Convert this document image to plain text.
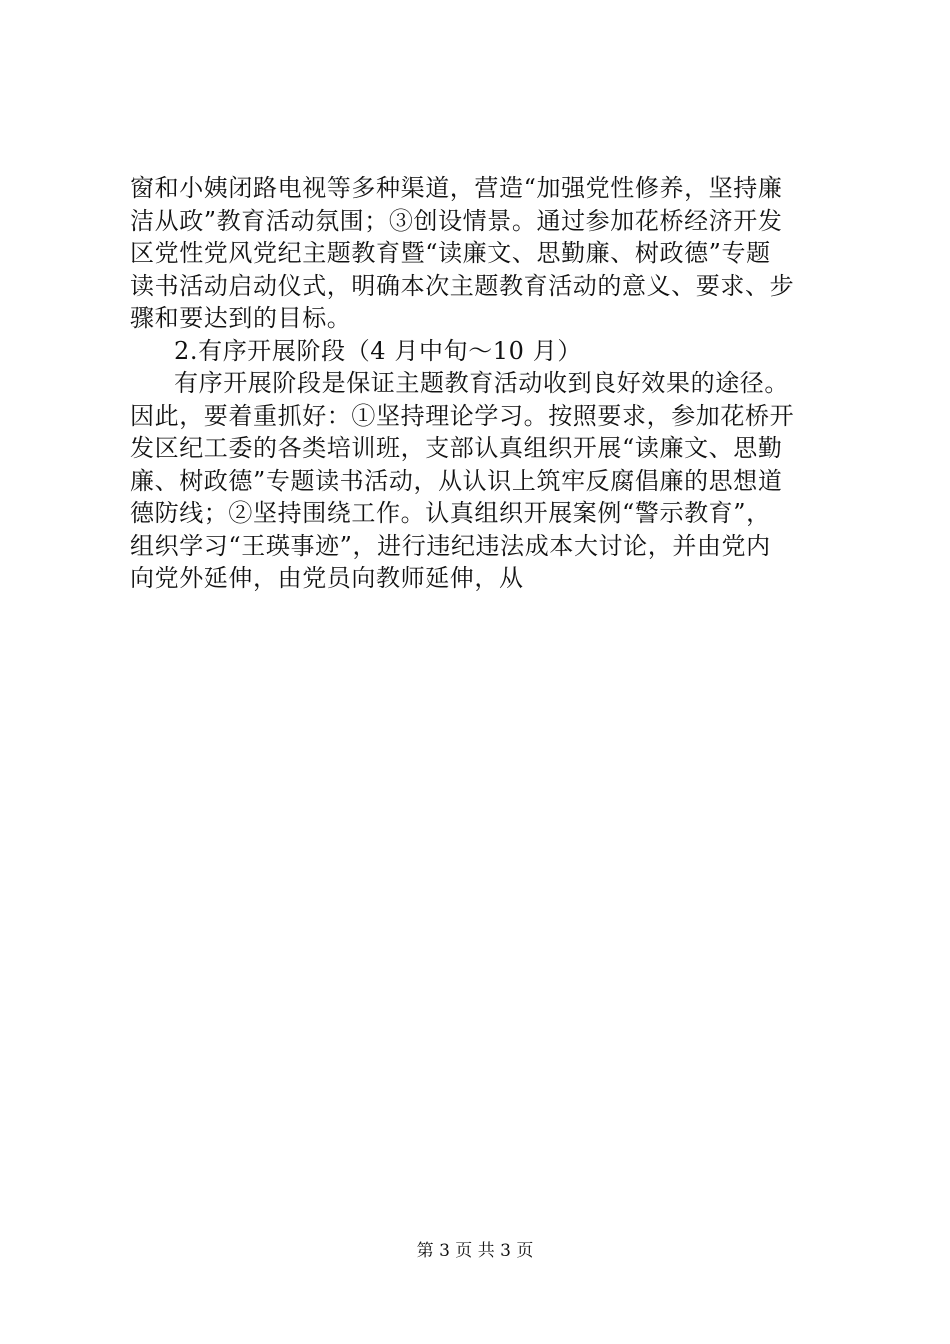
窗和小姨闭路电视等多种渠道，营造“加强党性修养，坚持廉
洁从政”教育活动氛围；③创设情景。通过参加花桥经济开发
区党性党风党纪主题教育暨“读廉文、思勤廉、树政德”专题
读书活动启动仪式，明确本次主题教育活动的意义、要求、步
骤和要达到的目标。
2.有序开展阶段（4 月中旬～10 月）
有序开展阶段是保证主题教育活动收到良好效果的途径。
因此，要着重抓好：①坚持理论学习。按照要求，参加花桥开
发区纪工委的各类培训班，支部认真组织开展“读廉文、思勤
廉、树政德”专题读书活动，从认识上筑牢反腐倡廉的思想道
德防线；②坚持围绕工作。认真组织开展案例“警示教育”，
组织学习“王瑛事迹”，进行违纪违法成本大讨论，并由党内
向党外延伸，由党员向教师延伸，从
第 3 页 共 3 页
